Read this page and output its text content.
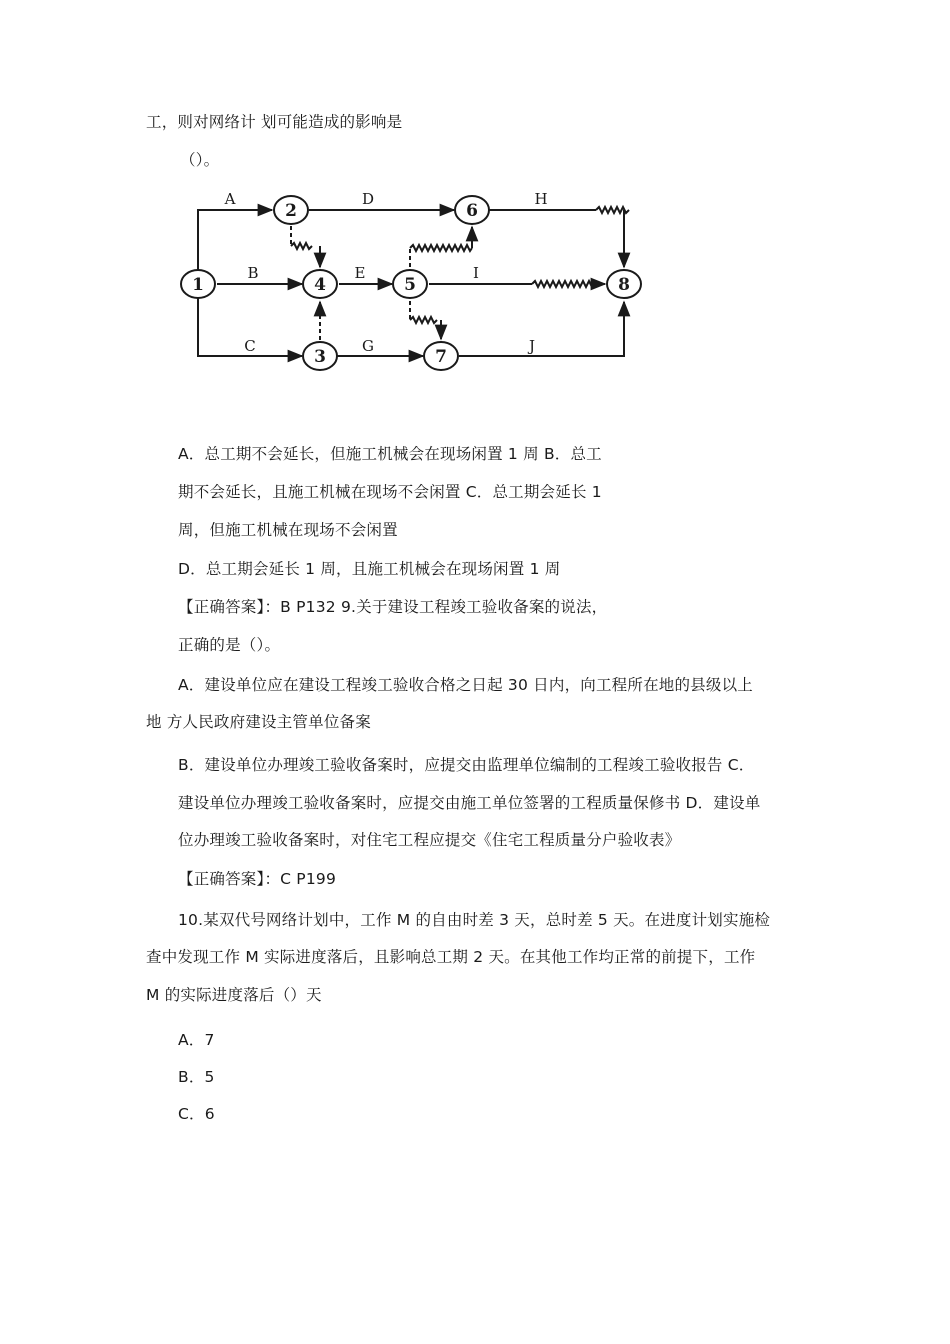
工，则对网络计 划可能造成的影响是
（）。
1
2
3
4	5
6
7
8
A
B
C
D
E
G
H
I
J
A．总工期不会延长，但施工机械会在现场闲置 1 周 B．总工
期不会延长，且施工机械在现场不会闲置 C．总工期会延长 1
周，但施工机械在现场不会闲置
D．总工期会延长 1 周，且施工机械会在现场闲置 1 周
【正确答案】：B P132 9.关于建设工程竣工验收备案的说法，
正确的是（）。
A．建设单位应在建设工程竣工验收合格之日起 30 日内，向工程所在地的县级以上
地 方人民政府建设主管单位备案
B．建设单位办理竣工验收备案时，应提交由监理单位编制的工程竣工验收报告 C．
建设单位办理竣工验收备案时，应提交由施工单位签署的工程质量保修书 D．建设单
位办理竣工验收备案时，对住宅工程应提交《住宅工程质量分户验收表》
【正确答案】：C P199
10.某双代号网络计划中，工作 M 的自由时差 3 天，总时差 5 天。在进度计划实施检
查中发现工作 M 实际进度落后，且影响总工期 2 天。在其他工作均正常的前提下，工作
M 的实际进度落后（）天
A．7
B．5
C．6
